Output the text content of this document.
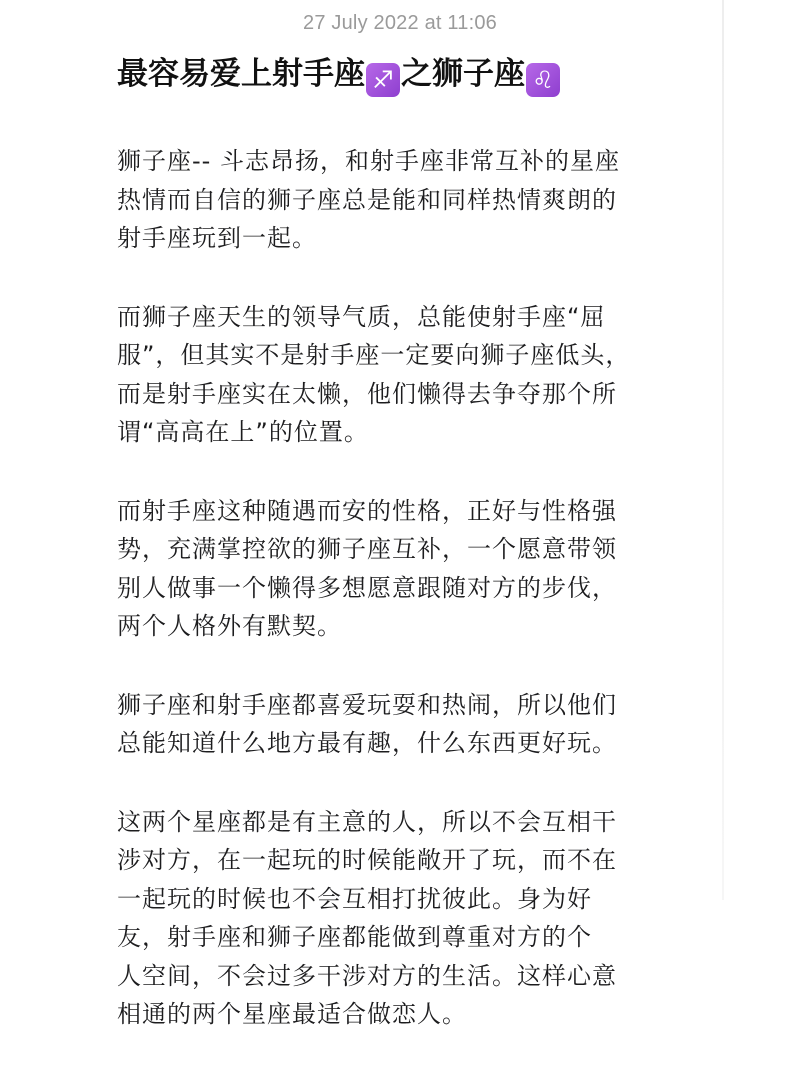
27 July 2022 at 11:06
最容易爱上射手座 ♐ 之狮子座 ♌
狮子座-- 斗志昂扬，和射手座非常互补的星座
热情而自信的狮子座总是能和同样热情爽朗的
射手座玩到一起。
而狮子座天生的领导气质，总能使射手座“屈
服”，但其实不是射手座一定要向狮子座低头，
而是射手座实在太懒，他们懒得去争夺那个所
谓“高高在上”的位置。
而射手座这种随遇而安的性格，正好与性格强
势，充满掌控欲的狮子座互补，一个愿意带领
别人做事一个懒得多想愿意跟随对方的步伐，
两个人格外有默契。
狮子座和射手座都喜爱玩耍和热闹，所以他们
总能知道什么地方最有趣，什么东西更好玩。
这两个星座都是有主意的人，所以不会互相干
涉对方，在一起玩的时候能敞开了玩，而不在
一起玩的时候也不会互相打扰彼此。身为好
友，射手座和狮子座都能做到尊重对方的个
人空间，不会过多干涉对方的生活。这样心意
相通的两个星座最适合做恋人。
